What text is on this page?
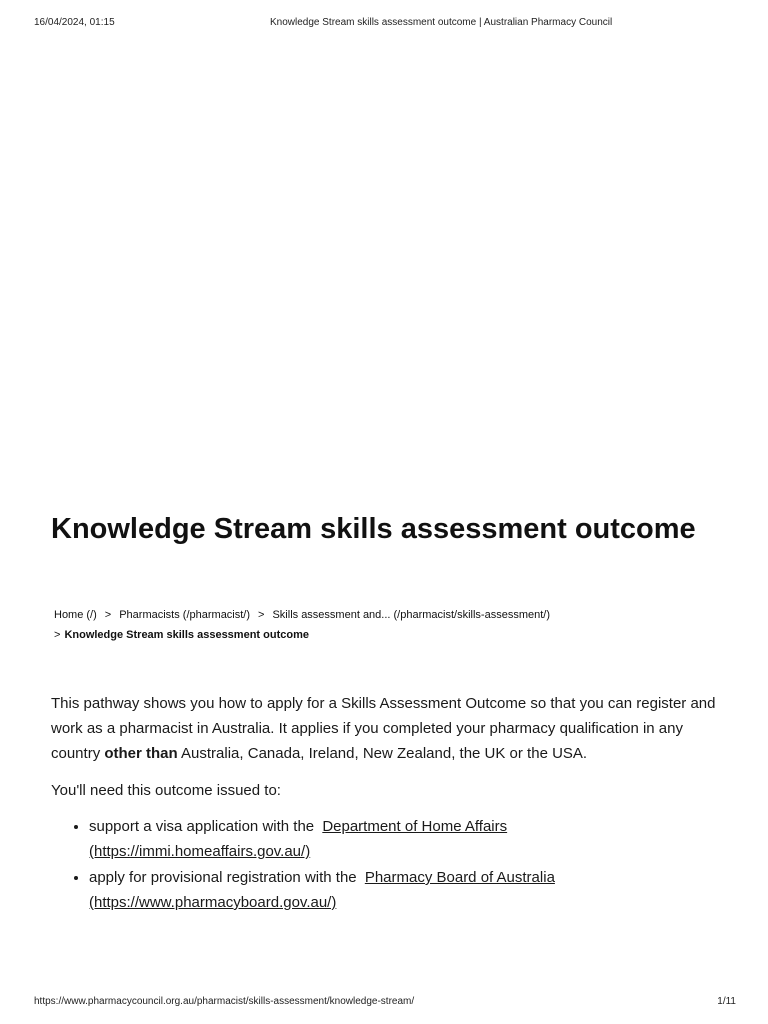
16/04/2024, 01:15	Knowledge Stream skills assessment outcome | Australian Pharmacy Council
Knowledge Stream skills assessment outcome
Home (/) > Pharmacists (/pharmacist/) > Skills assessment and... (/pharmacist/skills-assessment/)
> Knowledge Stream skills assessment outcome

This pathway shows you how to apply for a Skills Assessment Outcome so that you can register and work as a pharmacist in Australia. It applies if you completed your pharmacy qualification in any country other than Australia, Canada, Ireland, New Zealand, the UK or the USA.

You'll need this outcome issued to:

• support a visa application with the Department of Home Affairs (https://immi.homeaffairs.gov.au/)
• apply for provisional registration with the Pharmacy Board of Australia (https://www.pharmacyboard.gov.au/)
https://www.pharmacycouncil.org.au/pharmacist/skills-assessment/knowledge-stream/	1/11
